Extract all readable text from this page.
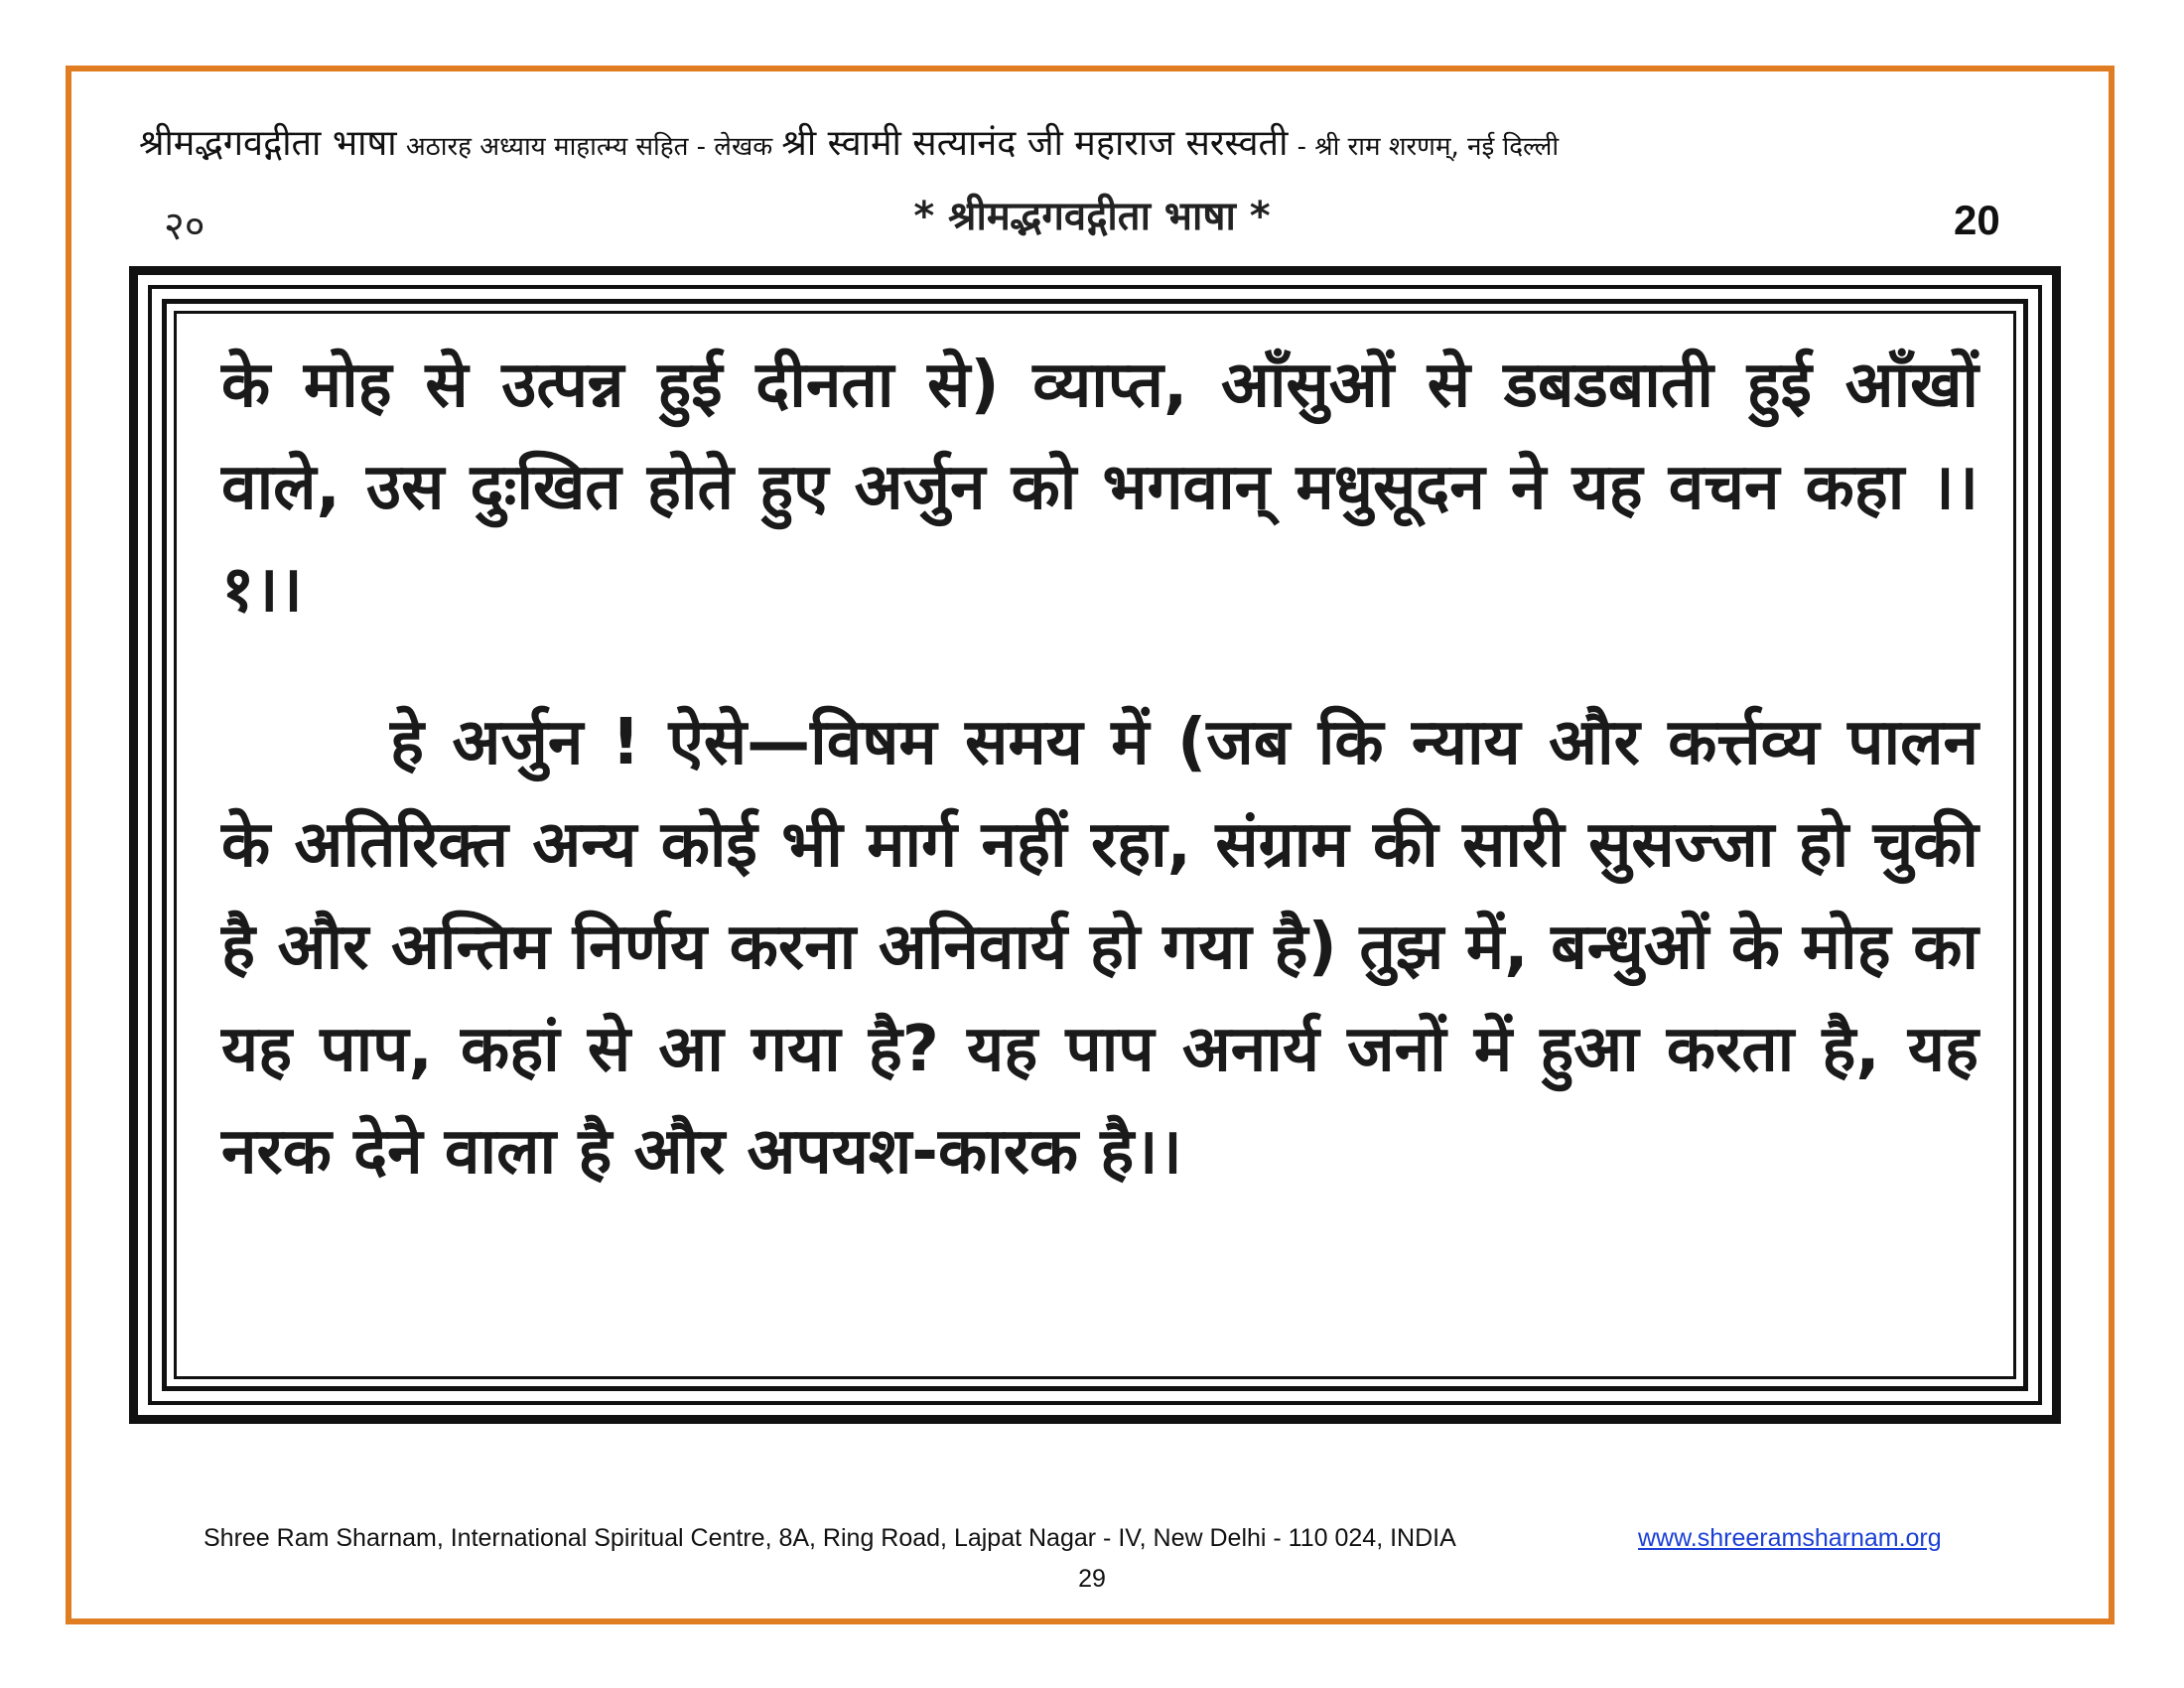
श्रीमद्भगवद्गीता भाषा अठारह अध्याय माहात्म्य सहित - लेखक श्री स्वामी सत्यानंद जी महाराज सरस्वती - श्री राम शरणम्, नई दिल्ली
२०	* श्रीमद्भगवद्गीता भाषा *	20
के मोह से उत्पन्न हुई दीनता से) व्याप्त, आँसुओं से डबडबाती हुई आँखों वाले, उस दुःखित होते हुए अर्जुन को भगवान् मधुसूदन ने यह वचन कहा ।।१।।
हे अर्जुन ! ऐसे—विषम समय में (जब कि न्याय और कर्त्तव्य पालन के अतिरिक्त अन्य कोई भी मार्ग नहीं रहा, संग्राम की सारी सुसज्जा हो चुकी है और अन्तिम निर्णय करना अनिवार्य हो गया है) तुझ में, बन्धुओं के मोह का यह पाप, कहां से आ गया है? यह पाप अनार्य जनों में हुआ करता है, यह नरक देने वाला है और अपयश-कारक है।।
Shree Ram Sharnam, International Spiritual Centre, 8A, Ring Road, Lajpat Nagar - IV, New Delhi - 110 024, INDIA	www.shreeramsharnam.org
29
